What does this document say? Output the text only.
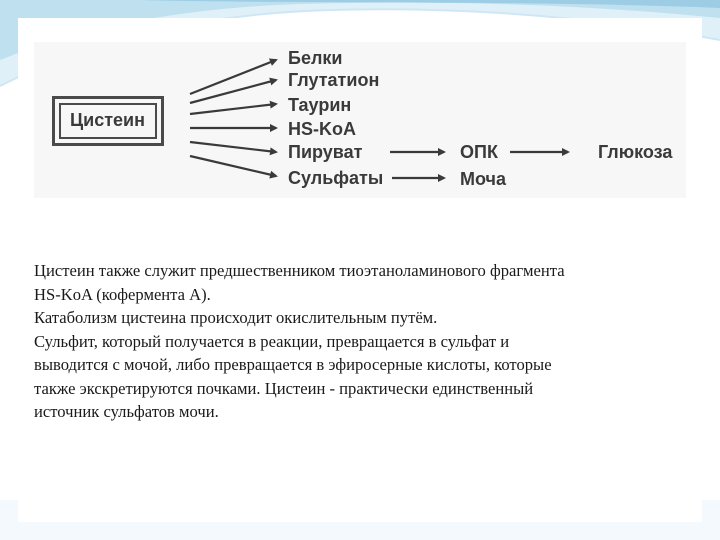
Цистеин
Белки
Глутатион
Таурин
HS-KoA
Пируват
Сульфаты
ОПК	Глюкоза
Моча

Цистеин также служит предшественником тиоэтаноламинового фрагмента

HS-KoA (кофермента А).

Катаболизм цистеина происходит окислительным путём.

Сульфит, который получается в реакции, превращается в сульфат и

выводится с мочой, либо превращается в эфиросерные кислоты, которые

также экскретируются почками. Цистеин - практически единственный

источник сульфатов мочи.
